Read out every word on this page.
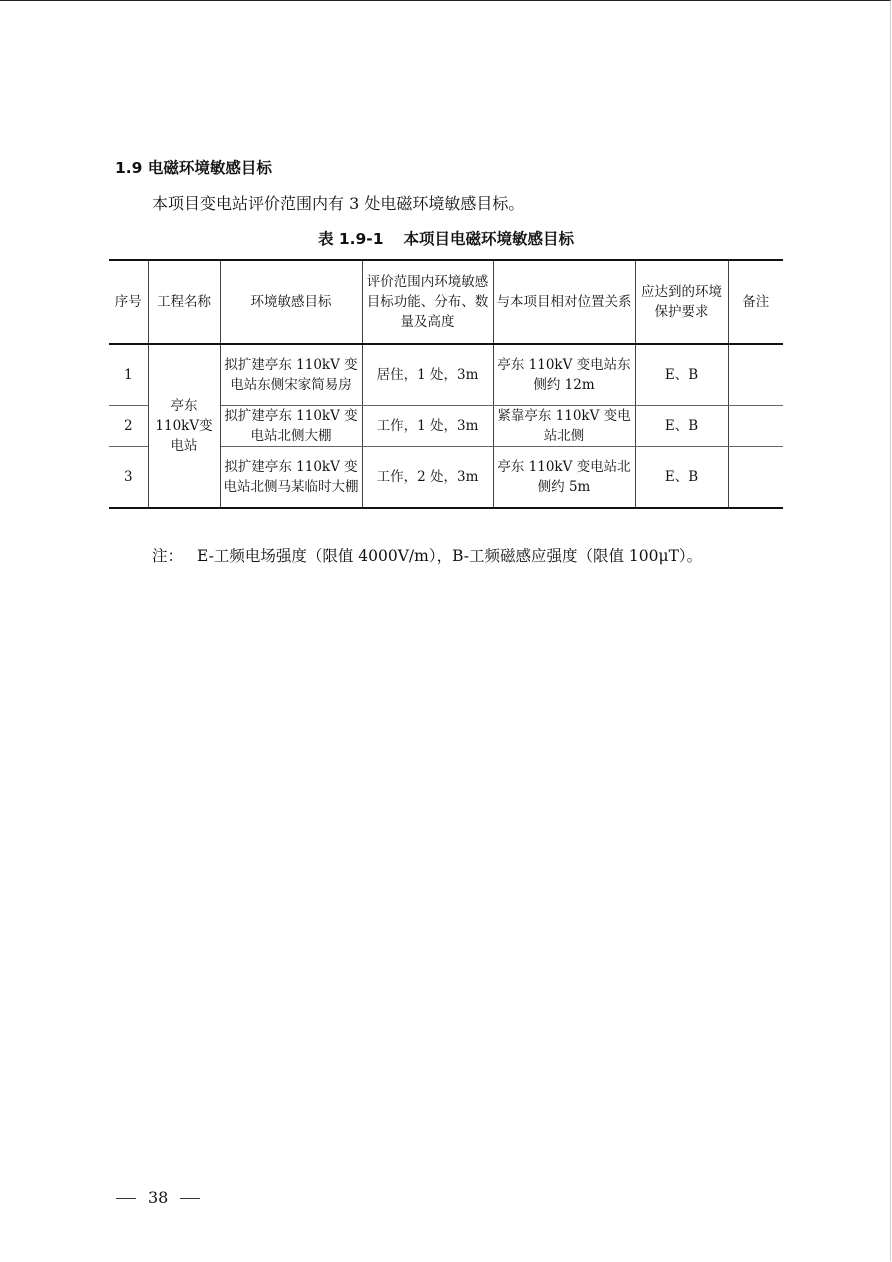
1.9 电磁环境敏感目标
本项目变电站评价范围内有 3 处电磁环境敏感目标。
表 1.9-1 本项目电磁环境敏感目标
序号	工程名称	环境敏感目标	评价范围内环境敏感目标功能、分布、数量及高度	与本项目相对位置关系	应达到的环境保护要求	备注
1	亭东110kV变电站	拟扩建亭东 110kV 变电站东侧宋家简易房	居住，1 处，3m	亭东 110kV 变电站东侧约 12m	E、B	
2		拟扩建亭东 110kV 变电站北侧大棚	工作，1 处，3m	紧靠亭东 110kV 变电站北侧	E、B	
3		拟扩建亭东 110kV 变电站北侧马某临时大棚	工作，2 处，3m	亭东 110kV 变电站北侧约 5m	E、B	
注： E-工频电场强度（限值 4000V/m），B-工频磁感应强度（限值 100μT）。
38
